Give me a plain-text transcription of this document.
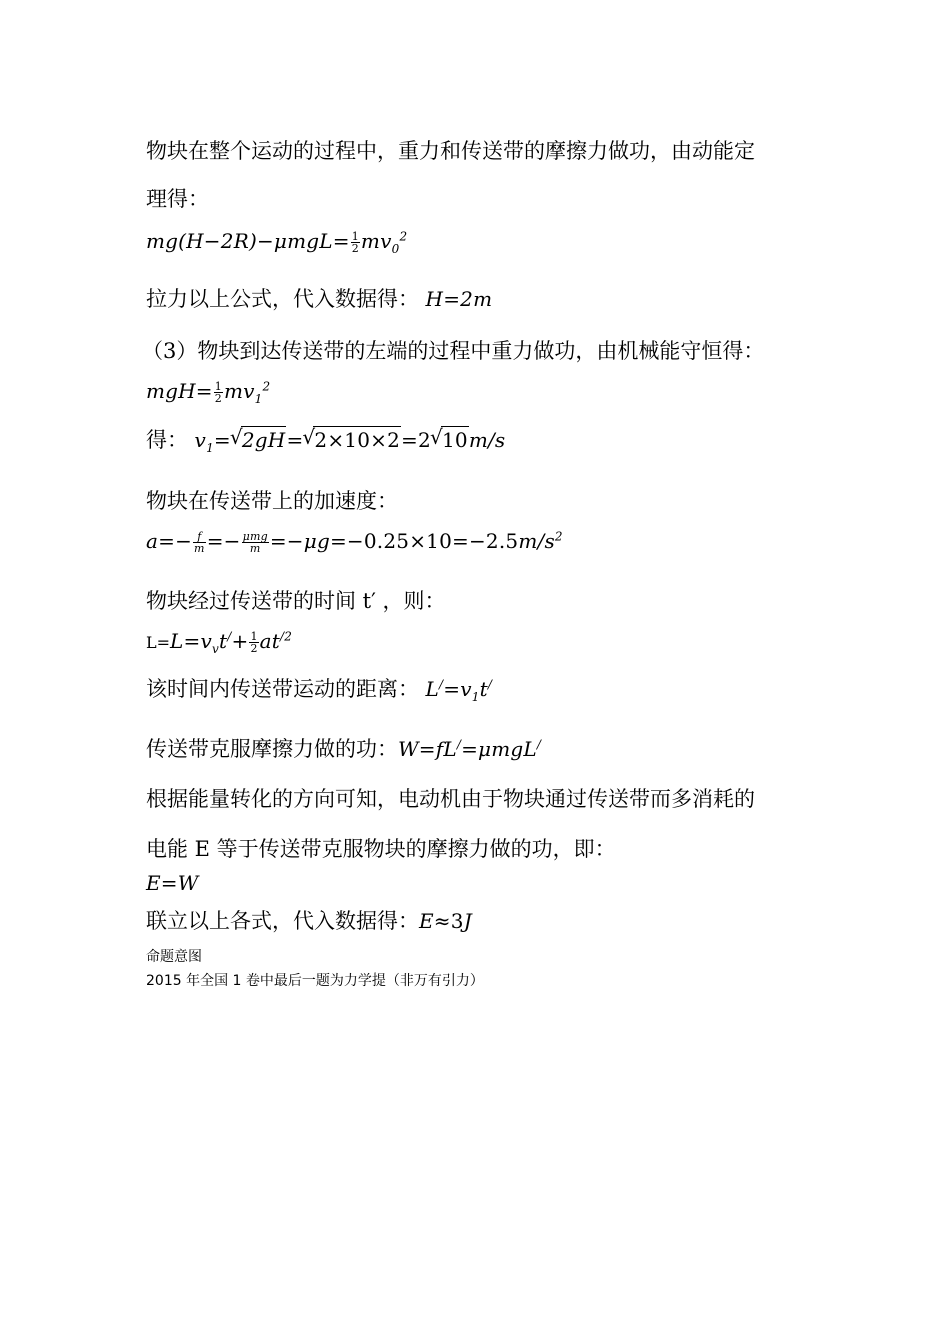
物块在整个运动的过程中，重力和传送带的摩擦力做功，由动能定
理得：
$mg(H-2R)-\mu mgL= \frac{1}{2} mv_0^2$
拉力以上公式，代入数据得： H=2m
（3）物块到达传送带的左端的过程中重力做功，由机械能守恒得：
$mgH= \frac{1}{2} mv_1^2$
得： $v_1=√$ 2gH=√ 2×10×2=2√ 10m/s
物块在传送带上的加速度：
$a=- \frac{f}{m} =- \frac{\text{μmg}}{m} =-\mu g=-0.25\times 10=-2.5m/s^2$
物块经过传送带的时间 t′ ，则：
$L=L=v_vt^/+ \frac{1}{2} at^{/2}$
该时间内传送带运动的距离： $L^/=v_1t^/$
传送带克服摩擦力做的功：W=fL/=μmgL/
根据能量转化的方向可知，电动机由于物块通过传送带而多消耗的
电能 E 等于传送带克服物块的摩擦力做的功，即：
E=W
联立以上各式，代入数据得：E≈3J
命题意图
2015 年全国 1 卷中最后一题为力学提（非万有引力）
